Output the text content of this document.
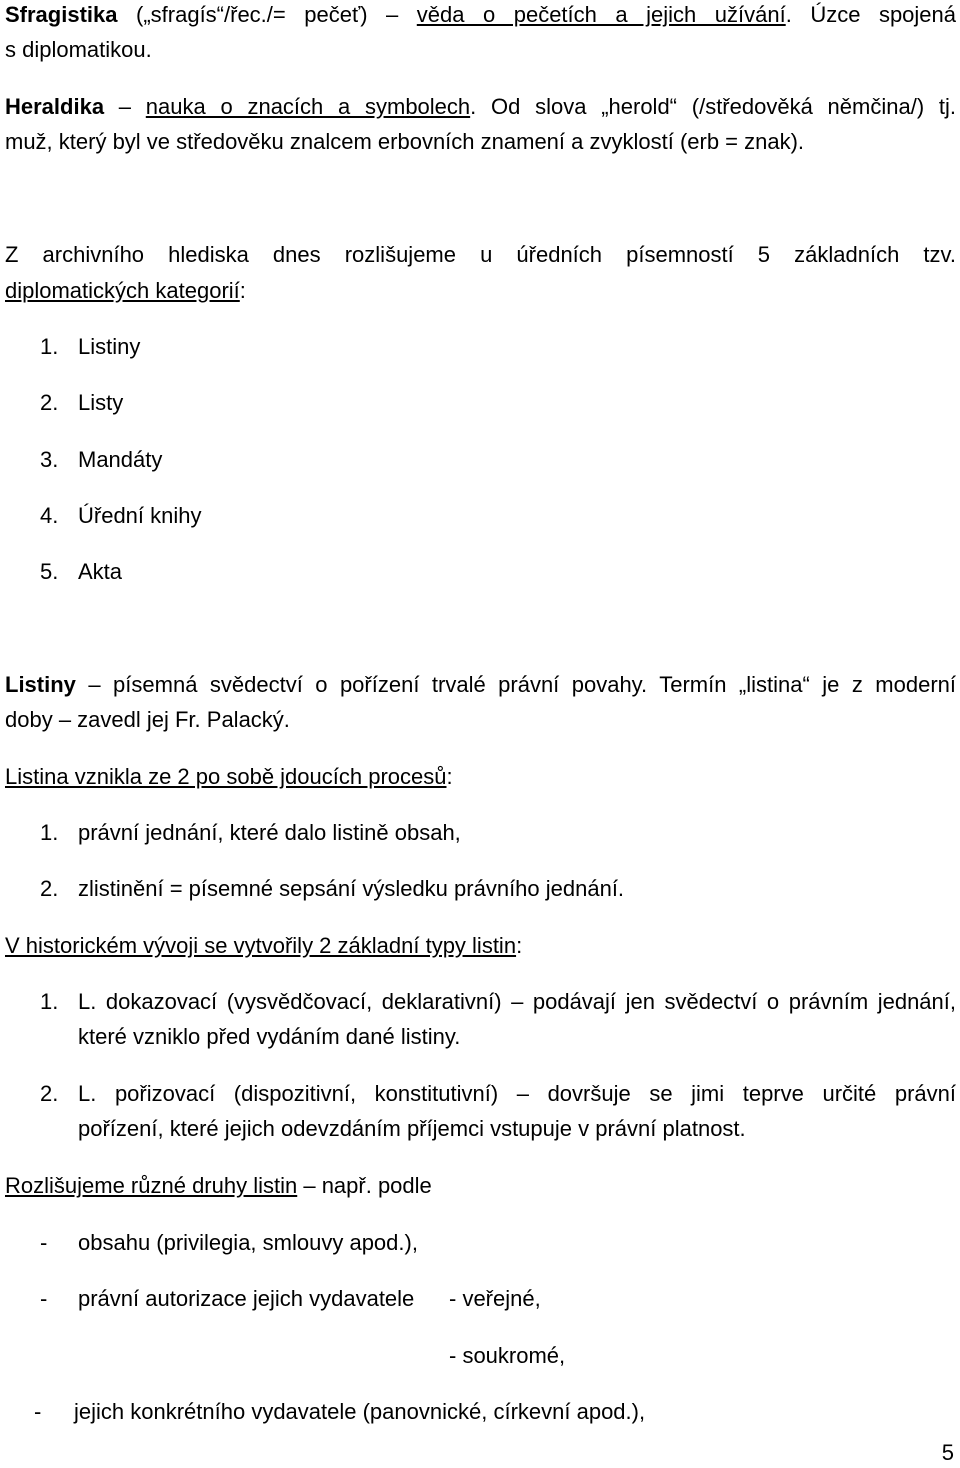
Sfragistika („sfragís“/řec./= pečeť) – věda o pečetích a jejich užívání. Úzce spojená
s diplomatikou.
Heraldika – nauka o znacích a symbolech. Od slova „herold“ (/středověká němčina/) tj.
muž, který byl ve středověku znalcem erbovních znamení a zvyklostí (erb = znak).
Z archivního hlediska dnes rozlišujeme u úředních písemností 5 základních tzv.
diplomatických kategorií:
1. Listiny
2. Listy
3. Mandáty
4. Úřední knihy
5. Akta
Listiny – písemná svědectví o pořízení trvalé právní povahy. Termín „listina“ je z moderní
doby – zavedl jej Fr. Palacký.
Listina vznikla ze 2 po sobě jdoucích procesů:
1. právní jednání, které dalo listině obsah,
2. zlistinění = písemné sepsání výsledku právního jednání.
V historickém vývoji se vytvořily 2 základní typy listin:
1. L. dokazovací (vysvědčovací, deklarativní) – podávají jen svědectví o právním jednání,
které vzniklo před vydáním dané listiny.
2. L. pořizovací (dispozitivní, konstitutivní) – dovršuje se jimi teprve určité právní
pořízení, které jejich odevzdáním příjemci vstupuje v právní platnost.
Rozlišujeme různé druhy listin – např. podle
- obsahu (privilegia, smlouvy apod.),
- právní autorizace jejich vydavatele - veřejné,
- soukromé,
- jejich konkrétního vydavatele (panovnické, církevní apod.),
5
